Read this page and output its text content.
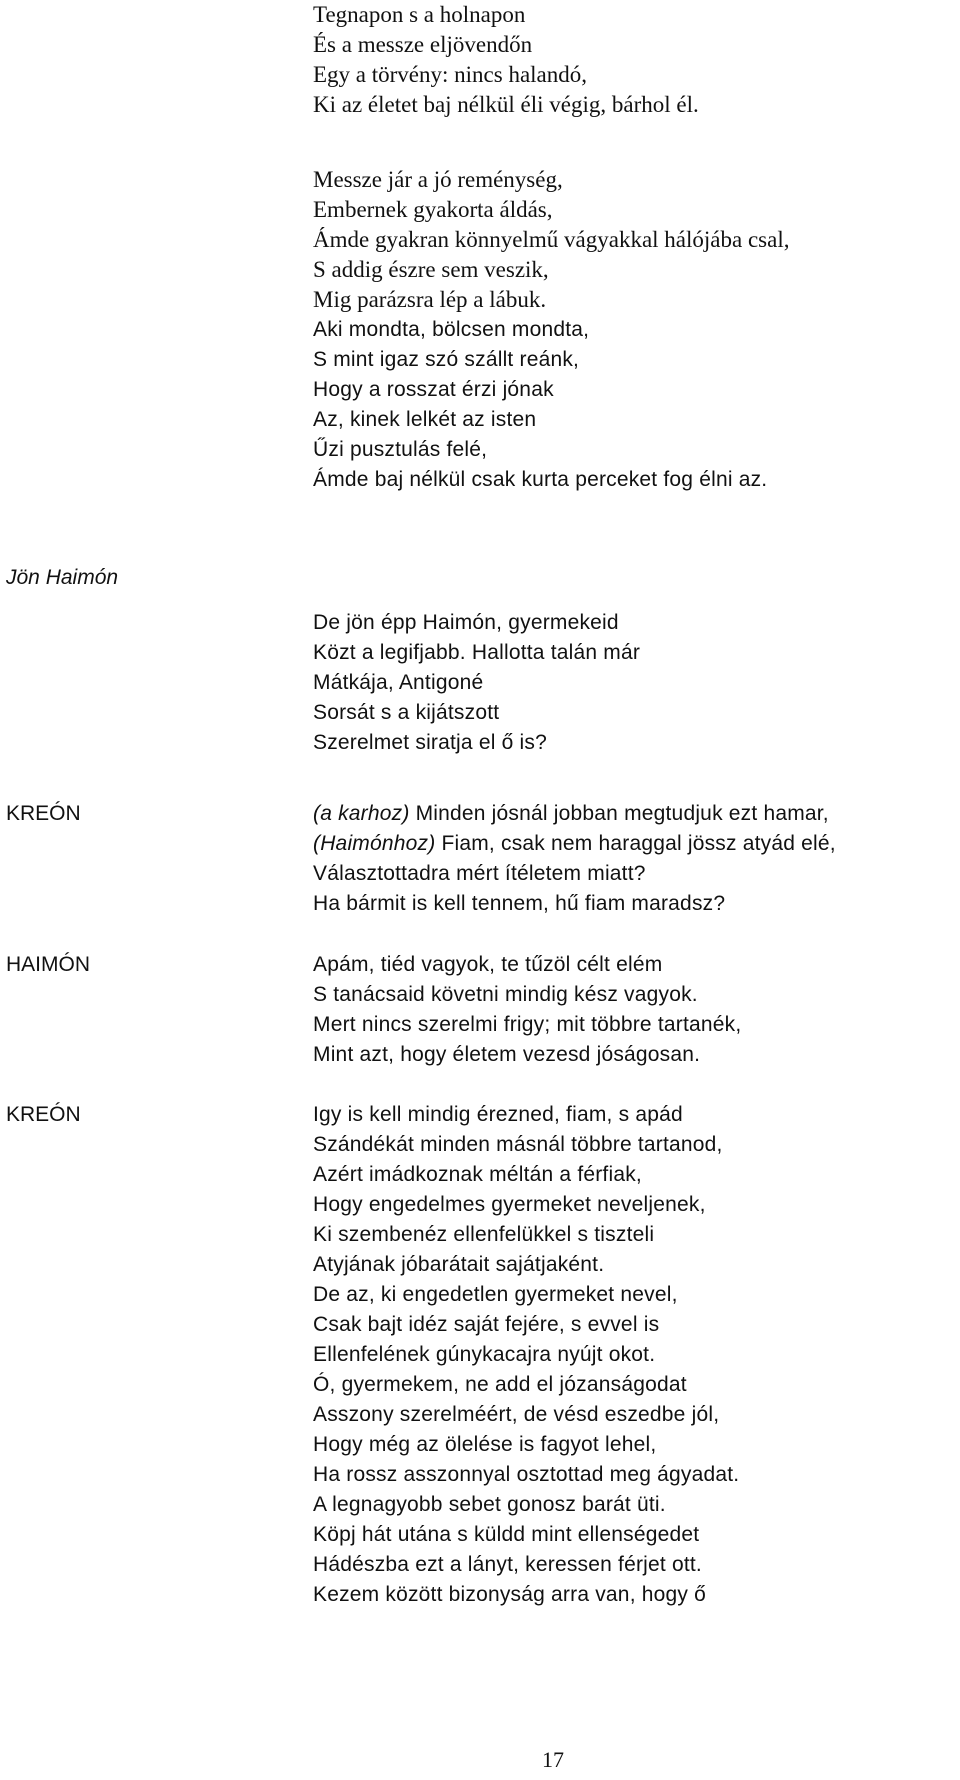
Tegnapon s a holnapon
És a messze eljövendőn
Egy a törvény: nincs halandó,
Ki az életet baj nélkül éli végig, bárhol él.
Messze jár a jó reménység,
Embernek gyakorta áldás,
Ámde gyakran könnyelmű vágyakkal hálójába csal,
S addig észre sem veszik,
Mig parázsra lép a lábuk.
Aki mondta, bölcsen mondta,
S mint igaz szó szállt reánk,
Hogy a rosszat érzi jónak
Az, kinek lelkét az isten
Űzi pusztulás felé,
Ámde baj nélkül csak kurta perceket fog élni az.
Jön Haimón
De jön épp Haimón, gyermekeid
Közt a legifjabb. Hallotta talán már
Mátkája, Antigoné
Sorsát s a kijátszott
Szerelmet siratja el ő is?
KREÓN	(a karhoz) Minden jósnál jobban megtudjuk ezt hamar,
(Haimónhoz) Fiam, csak nem haraggal jössz atyád elé,
Választottadra mért ítéletem miatt?
Ha bármit is kell tennem, hű fiam maradsz?
HAIMÓN	Apám, tiéd vagyok, te tűzöl célt elém
S tanácsaid követni mindig kész vagyok.
Mert nincs szerelmi frigy; mit többre tartanék,
Mint azt, hogy életem vezesd jóságosan.
KREÓN	Igy is kell mindig érezned, fiam, s apád
Szándékát minden másnál többre tartanod,
Azért imádkoznak méltán a férfiak,
Hogy engedelmes gyermeket neveljenek,
Ki szembenéz ellenfelükkel s tiszteli
Atyjának jóbarátait sajátjaként.
De az, ki engedetlen gyermeket nevel,
Csak bajt idéz saját fejére, s evvel is
Ellenfelének gúnykacajra nyújt okot.
Ó, gyermekem, ne add el józanságodat
Asszony szerelméért, de vésd eszedbe jól,
Hogy még az ölelése is fagyot lehel,
Ha rossz asszonnyal osztottad meg ágyadat.
A legnagyobb sebet gonosz barát üti.
Köpj hát utána s küldd mint ellenségedet
Hádészba ezt a lányt, keressen férjet ott.
Kezem között bizonyság arra van, hogy ő
17
